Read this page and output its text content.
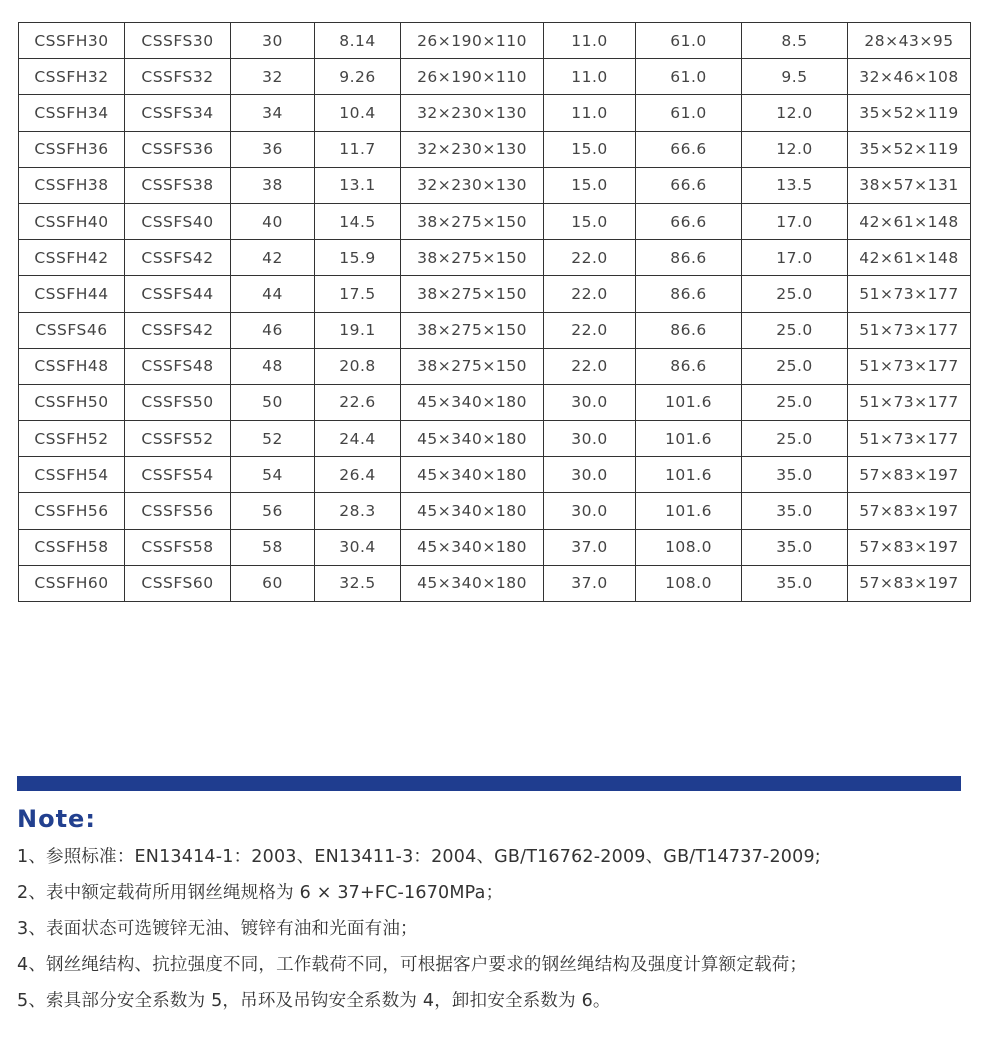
CSSFH30	CSSFS30	30	8.14	26×190×110	11.0	61.0	8.5	28×43×95
CSSFH32	CSSFS32	32	9.26	26×190×110	11.0	61.0	9.5	32×46×108
CSSFH34	CSSFS34	34	10.4	32×230×130	11.0	61.0	12.0	35×52×119
CSSFH36	CSSFS36	36	11.7	32×230×130	15.0	66.6	12.0	35×52×119
CSSFH38	CSSFS38	38	13.1	32×230×130	15.0	66.6	13.5	38×57×131
CSSFH40	CSSFS40	40	14.5	38×275×150	15.0	66.6	17.0	42×61×148
CSSFH42	CSSFS42	42	15.9	38×275×150	22.0	86.6	17.0	42×61×148
CSSFH44	CSSFS44	44	17.5	38×275×150	22.0	86.6	25.0	51×73×177
CSSFS46	CSSFS42	46	19.1	38×275×150	22.0	86.6	25.0	51×73×177
CSSFH48	CSSFS48	48	20.8	38×275×150	22.0	86.6	25.0	51×73×177
CSSFH50	CSSFS50	50	22.6	45×340×180	30.0	101.6	25.0	51×73×177
CSSFH52	CSSFS52	52	24.4	45×340×180	30.0	101.6	25.0	51×73×177
CSSFH54	CSSFS54	54	26.4	45×340×180	30.0	101.6	35.0	57×83×197
CSSFH56	CSSFS56	56	28.3	45×340×180	30.0	101.6	35.0	57×83×197
CSSFH58	CSSFS58	58	30.4	45×340×180	37.0	108.0	35.0	57×83×197
CSSFH60	CSSFS60	60	32.5	45×340×180	37.0	108.0	35.0	57×83×197
Note:

1、参照标准：EN13414-1：2003、EN13411-3：2004、GB/T16762-2009、GB/T14737-2009;

2、表中额定载荷所用钢丝绳规格为 6 × 37+FC-1670MPa；

3、表面状态可选镀锌无油、镀锌有油和光面有油；

4、钢丝绳结构、抗拉强度不同，工作载荷不同，可根据客户要求的钢丝绳结构及强度计算额定载荷；

5、索具部分安全系数为 5，吊环及吊钩安全系数为 4，卸扣安全系数为 6。
